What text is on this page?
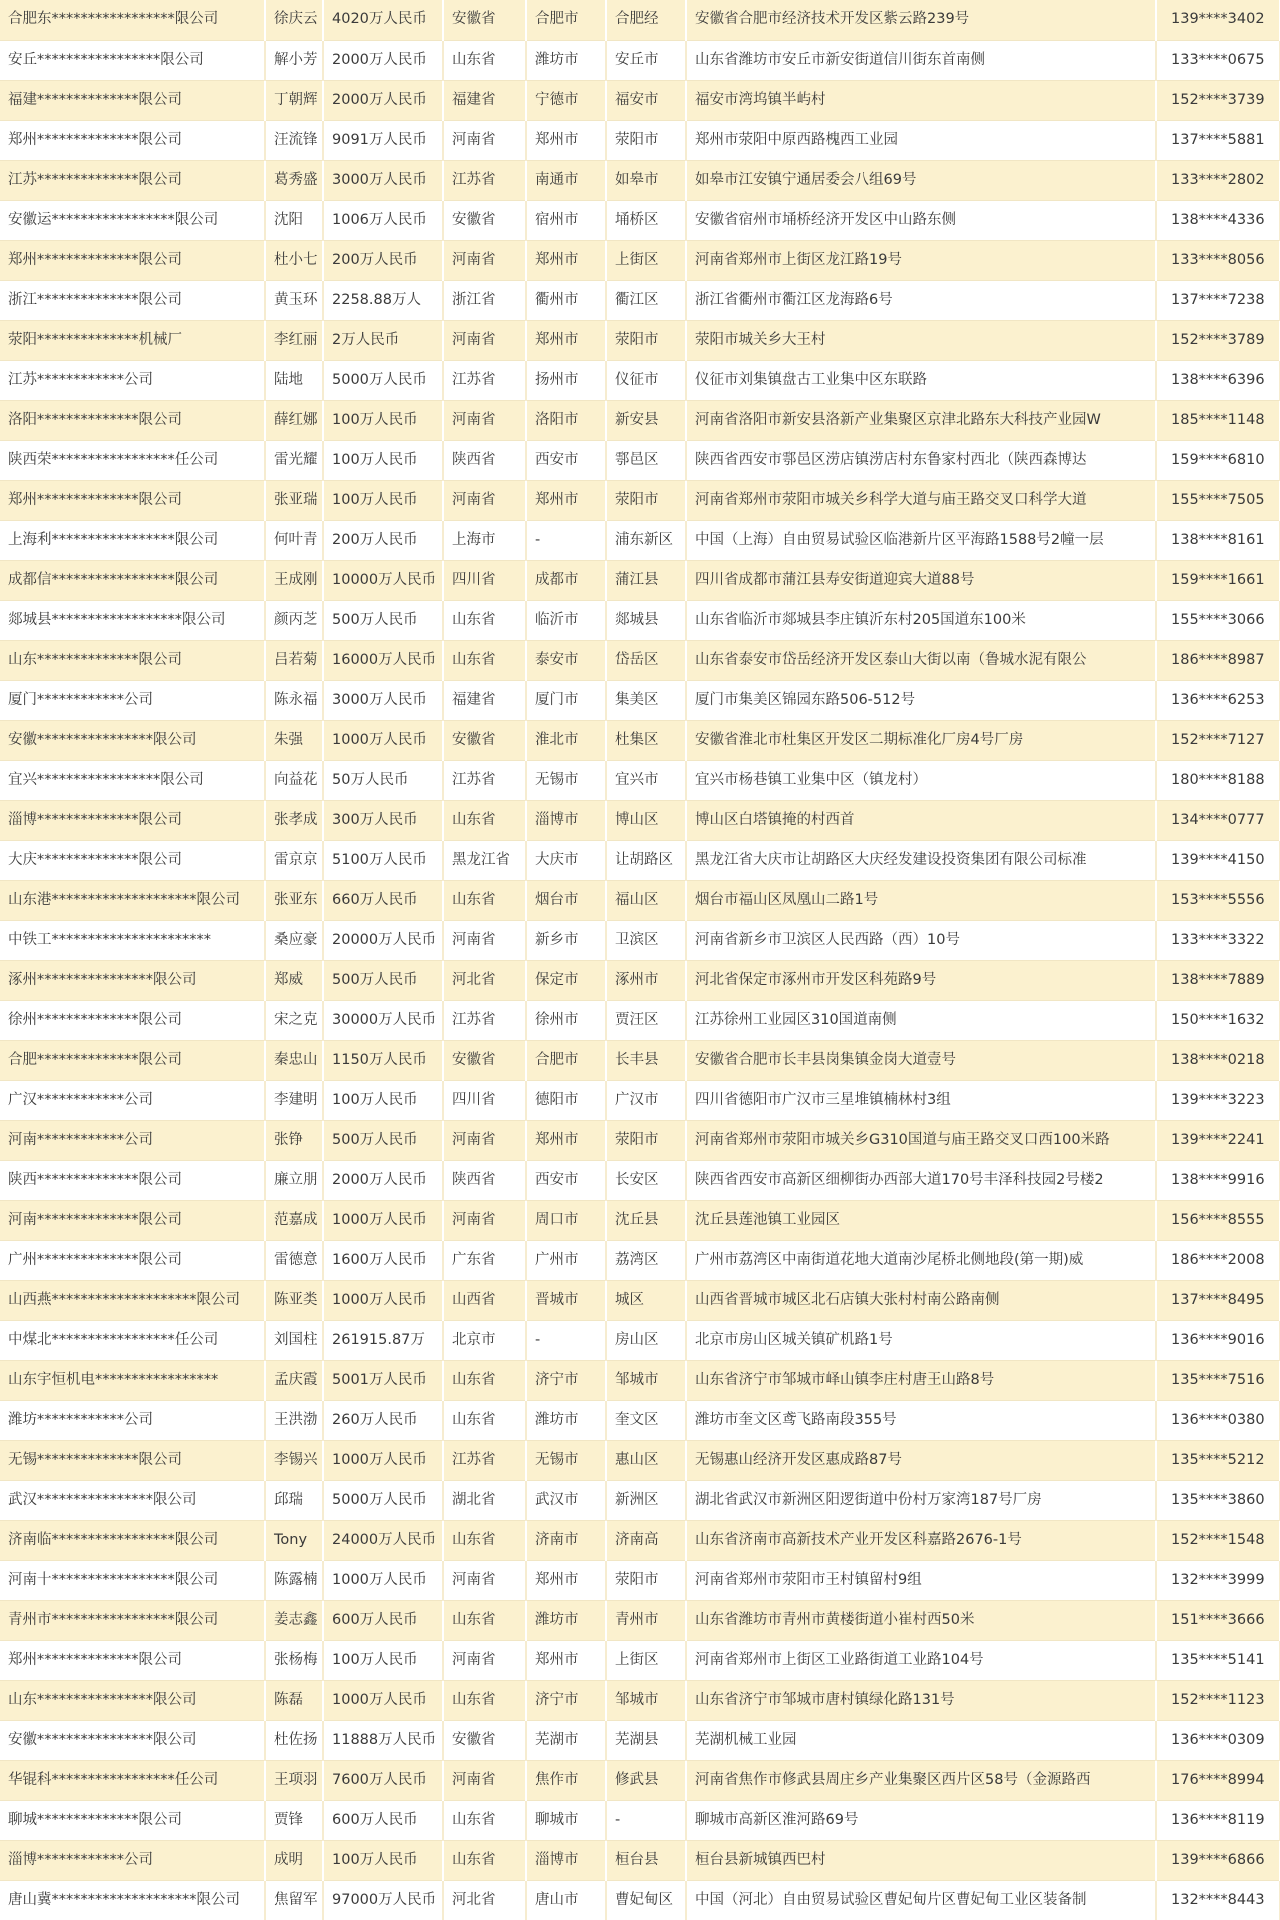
合肥东*****************限公司	徐庆云	4020万人民币	安徽省	合肥市	合肥经	安徽省合肥市经济技术开发区紫云路239号	139****3402
安丘*****************限公司	解小芳	2000万人民币	山东省	潍坊市	安丘市	山东省潍坊市安丘市新安街道信川街东首南侧	133****0675
福建**************限公司	丁朝辉	2000万人民币	福建省	宁德市	福安市	福安市湾坞镇半屿村	152****3739
郑州**************限公司	汪流锋	9091万人民币	河南省	郑州市	荥阳市	郑州市荥阳中原西路槐西工业园	137****5881
江苏**************限公司	葛秀盛	3000万人民币	江苏省	南通市	如皋市	如皋市江安镇宁通居委会八组69号	133****2802
安徽运*****************限公司	沈阳	1006万人民币	安徽省	宿州市	埇桥区	安徽省宿州市埇桥经济开发区中山路东侧	138****4336
郑州**************限公司	杜小七	200万人民币	河南省	郑州市	上街区	河南省郑州市上街区龙江路19号	133****8056
浙江**************限公司	黄玉环	2258.88万人	浙江省	衢州市	衢江区	浙江省衢州市衢江区龙海路6号	137****7238
荥阳**************机械厂	李红丽	2万人民币	河南省	郑州市	荥阳市	荥阳市城关乡大王村	152****3789
江苏************公司	陆地	5000万人民币	江苏省	扬州市	仪征市	仪征市刘集镇盘古工业集中区东联路	138****6396
洛阳**************限公司	薛红娜	100万人民币	河南省	洛阳市	新安县	河南省洛阳市新安县洛新产业集聚区京津北路东大科技产业园W	185****1148
陕西荣*****************任公司	雷光耀	100万人民币	陕西省	西安市	鄠邑区	陕西省西安市鄠邑区涝店镇涝店村东鲁家村西北（陕西森博达	159****6810
郑州**************限公司	张亚瑞	100万人民币	河南省	郑州市	荥阳市	河南省郑州市荥阳市城关乡科学大道与庙王路交叉口科学大道	155****7505
上海利*****************限公司	何叶青	200万人民币	上海市	-	浦东新区	中国（上海）自由贸易试验区临港新片区平海路1588号2幢一层	138****8161
成都信*****************限公司	王成刚	10000万人民币	四川省	成都市	蒲江县	四川省成都市蒲江县寿安街道迎宾大道88号	159****1661
郯城县******************限公司	颜丙芝	500万人民币	山东省	临沂市	郯城县	山东省临沂市郯城县李庄镇沂东村205国道东100米	155****3066
山东**************限公司	吕若菊	16000万人民币	山东省	泰安市	岱岳区	山东省泰安市岱岳经济开发区泰山大街以南（鲁城水泥有限公	186****8987
厦门************公司	陈永福	3000万人民币	福建省	厦门市	集美区	厦门市集美区锦园东路506-512号	136****6253
安徽****************限公司	朱强	1000万人民币	安徽省	淮北市	杜集区	安徽省淮北市杜集区开发区二期标准化厂房4号厂房	152****7127
宜兴*****************限公司	向益花	50万人民币	江苏省	无锡市	宜兴市	宜兴市杨巷镇工业集中区（镇龙村）	180****8188
淄博**************限公司	张孝成	300万人民币	山东省	淄博市	博山区	博山区白塔镇掩的村西首	134****0777
大庆**************限公司	雷京京	5100万人民币	黑龙江省	大庆市	让胡路区	黑龙江省大庆市让胡路区大庆经发建设投资集团有限公司标准	139****4150
山东港********************限公司	张亚东	660万人民币	山东省	烟台市	福山区	烟台市福山区凤凰山二路1号	153****5556
中铁工**********************	桑应豪	20000万人民币	河南省	新乡市	卫滨区	河南省新乡市卫滨区人民西路（西）10号	133****3322
涿州****************限公司	郑威	500万人民币	河北省	保定市	涿州市	河北省保定市涿州市开发区科苑路9号	138****7889
徐州**************限公司	宋之克	30000万人民币	江苏省	徐州市	贾汪区	江苏徐州工业园区310国道南侧	150****1632
合肥**************限公司	秦忠山	1150万人民币	安徽省	合肥市	长丰县	安徽省合肥市长丰县岗集镇金岗大道壹号	138****0218
广汉************公司	李建明	100万人民币	四川省	德阳市	广汉市	四川省德阳市广汉市三星堆镇楠林村3组	139****3223
河南************公司	张铮	500万人民币	河南省	郑州市	荥阳市	河南省郑州市荥阳市城关乡G310国道与庙王路交叉口西100米路	139****2241
陕西**************限公司	廉立朋	2000万人民币	陕西省	西安市	长安区	陕西省西安市高新区细柳街办西部大道170号丰泽科技园2号楼2	138****9916
河南**************限公司	范嘉成	1000万人民币	河南省	周口市	沈丘县	沈丘县莲池镇工业园区	156****8555
广州**************限公司	雷德意	1600万人民币	广东省	广州市	荔湾区	广州市荔湾区中南街道花地大道南沙尾桥北侧地段(第一期)威	186****2008
山西燕********************限公司	陈亚类	1000万人民币	山西省	晋城市	城区	山西省晋城市城区北石店镇大张村村南公路南侧	137****8495
中煤北*****************任公司	刘国柱	261915.87万	北京市	-	房山区	北京市房山区城关镇矿机路1号	136****9016
山东宇恒机电*****************	孟庆霞	5001万人民币	山东省	济宁市	邹城市	山东省济宁市邹城市峄山镇李庄村唐王山路8号	135****7516
潍坊************公司	王洪渤	260万人民币	山东省	潍坊市	奎文区	潍坊市奎文区鸢飞路南段355号	136****0380
无锡**************限公司	李锡兴	1000万人民币	江苏省	无锡市	惠山区	无锡惠山经济开发区惠成路87号	135****5212
武汉****************限公司	邱瑞	5000万人民币	湖北省	武汉市	新洲区	湖北省武汉市新洲区阳逻街道中份村万家湾187号厂房	135****3860
济南临*****************限公司	Tony	24000万人民币	山东省	济南市	济南高	山东省济南市高新技术产业开发区科嘉路2676-1号	152****1548
河南十*****************限公司	陈露楠	1000万人民币	河南省	郑州市	荥阳市	河南省郑州市荥阳市王村镇留村9组	132****3999
青州市*****************限公司	姜志鑫	600万人民币	山东省	潍坊市	青州市	山东省潍坊市青州市黄楼街道小崔村西50米	151****3666
郑州**************限公司	张杨梅	100万人民币	河南省	郑州市	上街区	河南省郑州市上街区工业路街道工业路104号	135****5141
山东****************限公司	陈磊	1000万人民币	山东省	济宁市	邹城市	山东省济宁市邹城市唐村镇绿化路131号	152****1123
安徽****************限公司	杜佐扬	11888万人民币	安徽省	芜湖市	芜湖县	芜湖机械工业园	136****0309
华锟科*****************任公司	王项羽	7600万人民币	河南省	焦作市	修武县	河南省焦作市修武县周庄乡产业集聚区西片区58号（金源路西	176****8994
聊城**************限公司	贾锋	600万人民币	山东省	聊城市	-	聊城市高新区淮河路69号	136****8119
淄博************公司	成明	100万人民币	山东省	淄博市	桓台县	桓台县新城镇西巴村	139****6866
唐山冀********************限公司	焦留军	97000万人民币	河北省	唐山市	曹妃甸区	中国（河北）自由贸易试验区曹妃甸片区曹妃甸工业区装备制	132****8443
